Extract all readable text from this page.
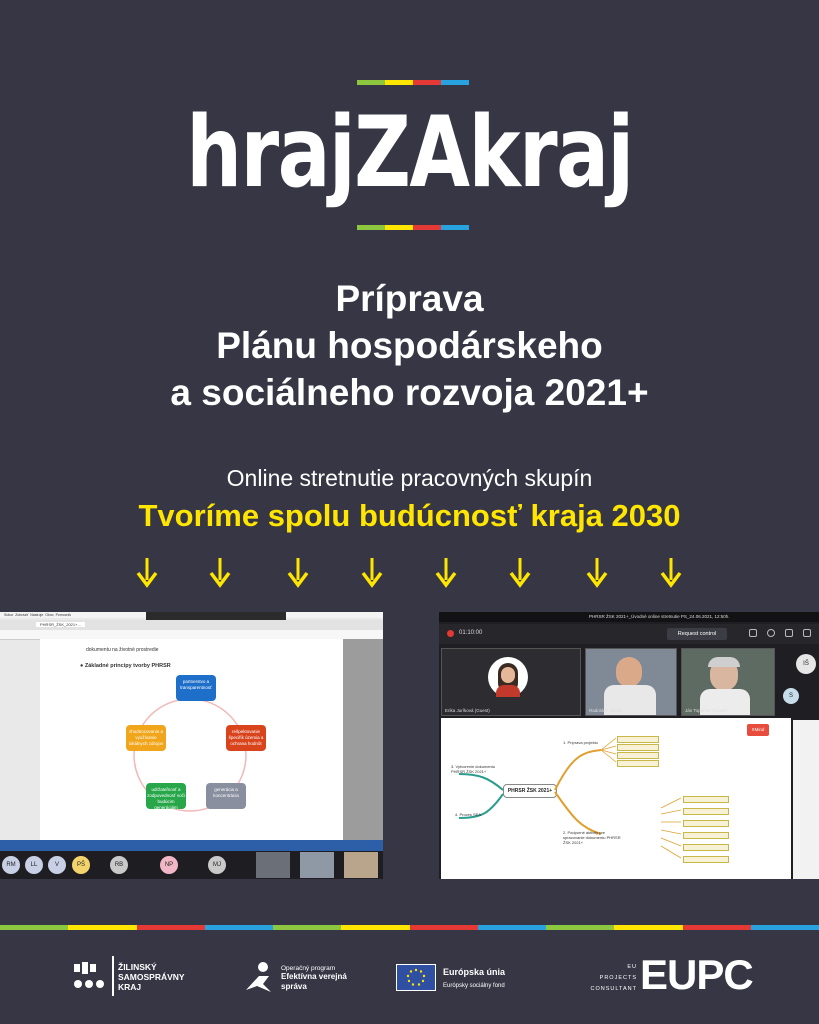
hrajZAkraj
Príprava
Plánu hospodárskeho
a sociálneho rozvoja 2021+
Online stretnutie pracovných skupín
Tvoríme spolu budúcnosť kraja 2030
Súbor Zobraziť Nástroje Okno Pomocník
PHRSR_ŽSK_2021+...
dokumentu na životné prostredie
● Základné princípy tvorby PHRSR
partnerstvo a transparentnosť
rešpektovanie špecifík územia a ochrana hodnôt
generácia a koncentrácia
udržateľnosť a zodpovednosť voči budúcim generáciám
zhodnocovanie a využívanie lokálnych zdrojov
RM	LL	V	PŠ	RB	NP	MJ
PHRSR ŽSK 2021+_Úvodné online stretnutie PS_24.06.2021, 12:50h.
01:10:00	Request control
Erika Juríková (Guest)	Radoslav Vlasák	Ján Topercer (Guest)
IŠ
S
PHRSR ŽSK 2021+
1. Príprava projektu
2. Podporné aktivity pre spracovanie dokumentu PHRSR ŽSK 2021+
3. Vytvorenie dokumentu PHRSR ŽSK 2021+
4. Proces SEA
XMind
ŽILINSKÝ SAMOSPRÁVNY KRAJ
Operačný program
Efektívna verejná správa
Európska únia
Európsky sociálny fond
EU
PROJECTS
CONSULTANT EUPC
